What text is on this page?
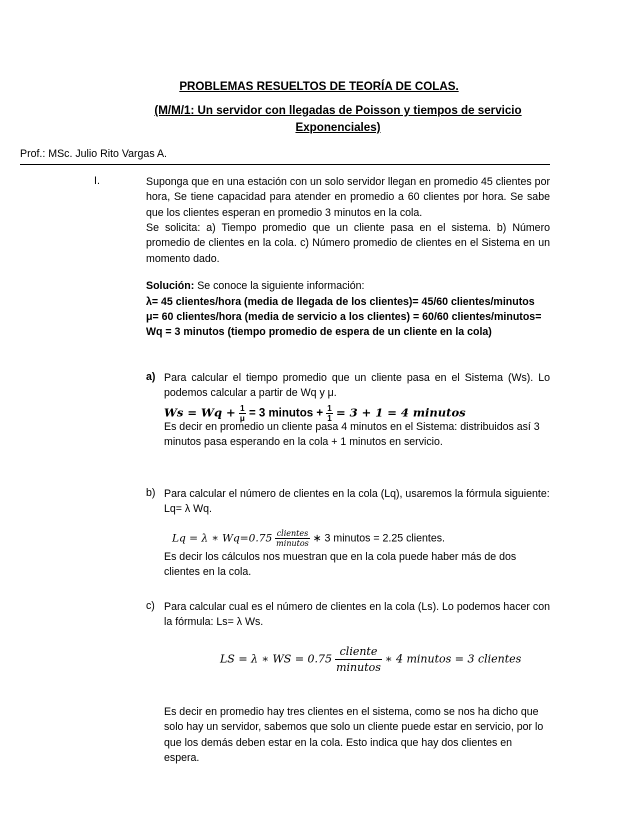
PROBLEMAS RESUELTOS DE TEORÍA DE COLAS.
(M/M/1: Un servidor con llegadas de Poisson y tiempos de servicio Exponenciales)
Prof.: MSc. Julio Rito Vargas A.
I.	Suponga que en una estación con un solo servidor llegan en promedio 45 clientes por hora, Se tiene capacidad para atender en promedio a 60 clientes por hora. Se sabe que los clientes esperan en promedio 3 minutos en la cola.
Se solicita: a) Tiempo promedio que un cliente pasa en el sistema. b) Número promedio de clientes en la cola. c) Número promedio de clientes en el Sistema en un momento dado.
Solución: Se conoce la siguiente información:
λ= 45 clientes/hora (media de llegada de los clientes)= 45/60 clientes/minutos
μ= 60 clientes/hora (media de servicio a los clientes) = 60/60 clientes/minutos=
Wq = 3 minutos (tiempo promedio de espera de un cliente en la cola)
a) Para calcular el tiempo promedio que un cliente pasa en el Sistema (Ws). Lo podemos calcular a partir de Wq y μ.
$Ws = Wq + \frac{1}{\mu} = 3$ minutos + $\frac{1}{1} = 3 + 1 = 4$ minutos
Es decir en promedio un cliente pasa 4 minutos en el Sistema: distribuidos así 3 minutos pasa esperando en la cola + 1 minutos en servicio.
b) Para calcular el número de clientes en la cola (Lq), usaremos la fórmula siguiente: Lq= λ Wq.
Lq = λ ∗ $Wq=0.75 \frac{\text{clientes}}{\text{minutos}}$ ∗ 3 minutos = 2.25 clientes.
Es decir los cálculos nos muestran que en la cola puede haber más de dos clientes en la cola.
c) Para calcular cual es el número de clientes en la cola (Ls). Lo podemos hacer con la fórmula: Ls= λ Ws.
LS = λ ∗ WS = $0.75 \frac{\text{cliente}}{\text{minutos}}$ ∗ 4 minutos = 3 clientes
Es decir en promedio hay tres clientes en el sistema, como se nos ha dicho que solo hay un servidor, sabemos que solo un cliente puede estar en servicio, por lo que los demás deben estar en la cola. Esto indica que hay dos clientes en espera.
